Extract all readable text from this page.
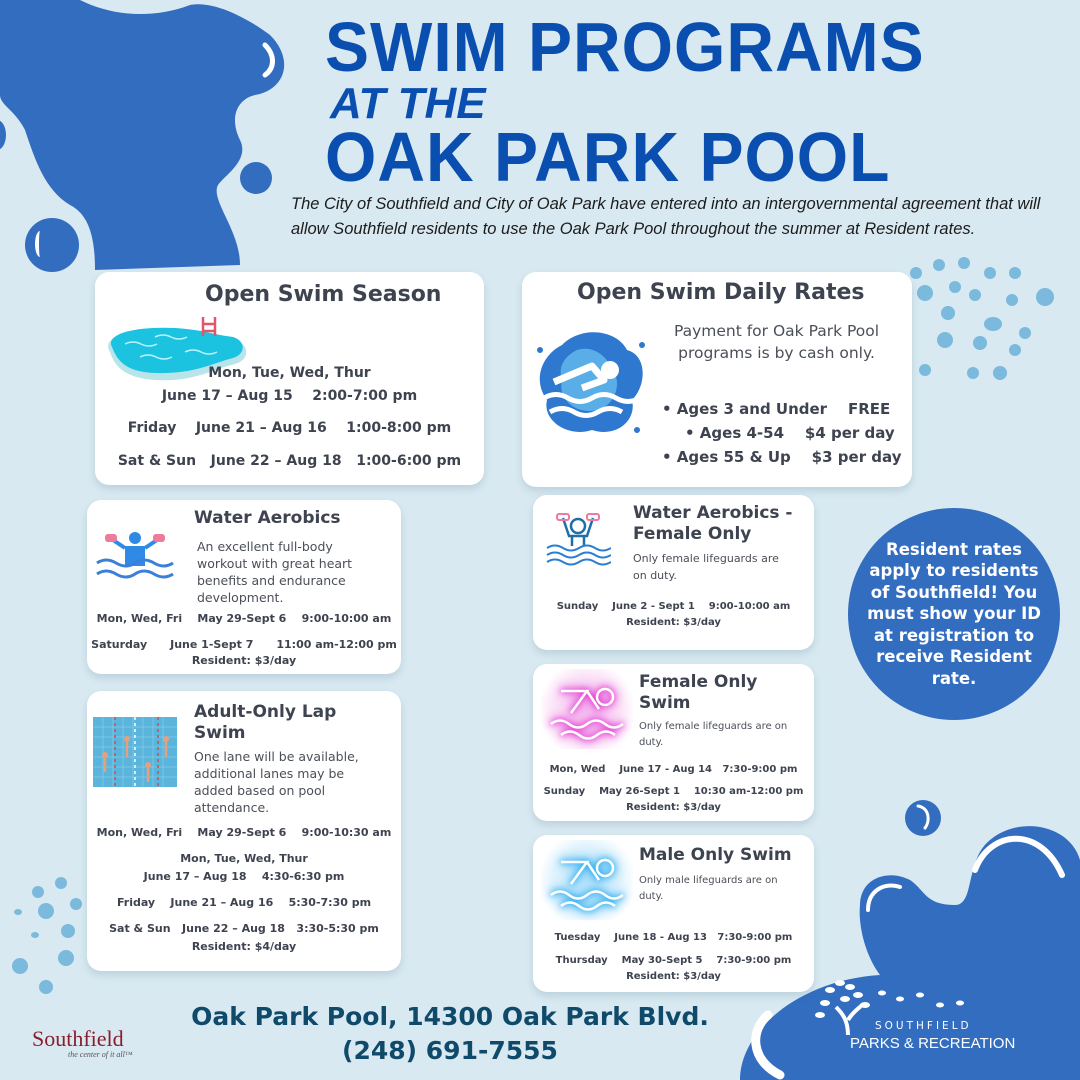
SWIM PROGRAMS
AT THE
OAK PARK POOL
The City of Southfield and City of Oak Park have entered into an intergovernmental agreement that will allow Southfield residents to use the Oak Park Pool throughout the summer at Resident rates.
Open Swim Season
Mon, Tue, Wed, Thur
June 17 – Aug 15    2:00-7:00 pm
Friday    June 21 – Aug 16    1:00-8:00 pm
Sat & Sun   June 22 – Aug 18   1:00-6:00 pm
Open Swim Daily Rates
Payment for Oak Park Pool programs is by cash only.
• Ages 3 and Under    FREE
• Ages 4-54    $4 per day
• Ages 55 & Up    $3 per day
Water Aerobics
An excellent full-body workout with great heart benefits and endurance development.
Mon, Wed, Fri    May 29-Sept 6    9:00-10:00 am
Saturday      June 1-Sept 7      11:00 am-12:00 pm
Resident: $3/day
Adult-Only Lap Swim
One lane will be available, additional lanes may be added based on pool attendance.
Mon, Wed, Fri    May 29-Sept 6    9:00-10:30 am
Mon, Tue, Wed, Thur
June 17 – Aug 18    4:30-6:30 pm
Friday    June 21 – Aug 16    5:30-7:30 pm
Sat & Sun   June 22 – Aug 18   3:30-5:30 pm
Resident: $4/day
Water Aerobics - Female Only
Only female lifeguards are on duty.
Sunday    June 2 - Sept 1    9:00-10:00 am
Resident: $3/day
Female Only Swim
Only female lifeguards are on duty.
Mon, Wed    June 17 - Aug 14   7:30-9:00 pm
Sunday    May 26-Sept 1    10:30 am-12:00 pm
Resident: $3/day
Male Only Swim
Only male lifeguards are on duty.
Tuesday    June 18 - Aug 13   7:30-9:00 pm
Thursday    May 30-Sept 5    7:30-9:00 pm
Resident: $3/day
Resident rates apply to residents of Southfield! You must show your ID at registration to receive Resident rate.
Oak Park Pool, 14300 Oak Park Blvd.
(248) 691-7555
Southfield
the center of it all™
SOUTHFIELD
PARKS & RECREATION
